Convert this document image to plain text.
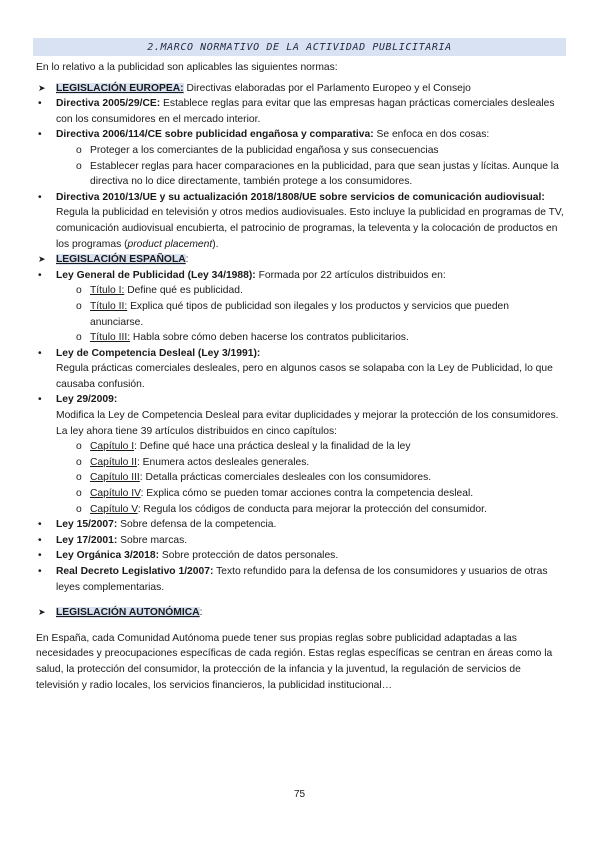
2.MARCO NORMATIVO DE LA ACTIVIDAD PUBLICITARIA
En lo relativo a la publicidad son aplicables las siguientes normas:
➤	LEGISLACIÓN EUROPEA: Directivas elaboradas por el Parlamento Europeo y el Consejo
•	Directiva 2005/29/CE: Establece reglas para evitar que las empresas hagan prácticas comerciales desleales con los consumidores en el mercado interior.
•	Directiva 2006/114/CE sobre publicidad engañosa y comparativa: Se enfoca en dos cosas:
o Proteger a los comerciantes de la publicidad engañosa y sus consecuencias
o Establecer reglas para hacer comparaciones en la publicidad, para que sean justas y lícitas. Aunque la directiva no lo dice directamente, también protege a los consumidores.
•	Directiva 2010/13/UE y su actualización 2018/1808/UE sobre servicios de comunicación audiovisual: Regula la publicidad en televisión y otros medios audiovisuales. Esto incluye la publicidad en programas de TV, comunicación audiovisual encubierta, el patrocinio de programas, la televenta y la colocación de productos en los programas (product placement).
➤	LEGISLACIÓN ESPAÑOLA:
•	Ley General de Publicidad (Ley 34/1988): Formada por 22 artículos distribuidos en:
o Título I: Define qué es publicidad.
o Título II: Explica qué tipos de publicidad son ilegales y los productos y servicios que pueden anunciarse.
o Título III: Habla sobre cómo deben hacerse los contratos publicitarios.
•	Ley de Competencia Desleal (Ley 3/1991):
Regula prácticas comerciales desleales, pero en algunos casos se solapaba con la Ley de Publicidad, lo que causaba confusión.
•	Ley 29/2009:
Modifica la Ley de Competencia Desleal para evitar duplicidades y mejorar la protección de los consumidores. La ley ahora tiene 39 artículos distribuidos en cinco capítulos:
o Capítulo I: Define qué hace una práctica desleal y la finalidad de la ley
o Capítulo II: Enumera actos desleales generales.
o Capítulo III: Detalla prácticas comerciales desleales con los consumidores.
o Capítulo IV: Explica cómo se pueden tomar acciones contra la competencia desleal.
o Capítulo V: Regula los códigos de conducta para mejorar la protección del consumidor.
•	Ley 15/2007: Sobre defensa de la competencia.
•	Ley 17/2001: Sobre marcas.
•	Ley Orgánica 3/2018: Sobre protección de datos personales.
•	Real Decreto Legislativo 1/2007: Texto refundido para la defensa de los consumidores y usuarios de otras leyes complementarias.
➤	LEGISLACIÓN AUTONÓMICA:
En España, cada Comunidad Autónoma puede tener sus propias reglas sobre publicidad adaptadas a las necesidades y preocupaciones específicas de cada región. Estas reglas específicas se centran en áreas como la salud, la protección del consumidor, la protección de la infancia y la juventud, la regulación de servicios de televisión y radio locales, los servicios financieros, la publicidad institucional…
75
